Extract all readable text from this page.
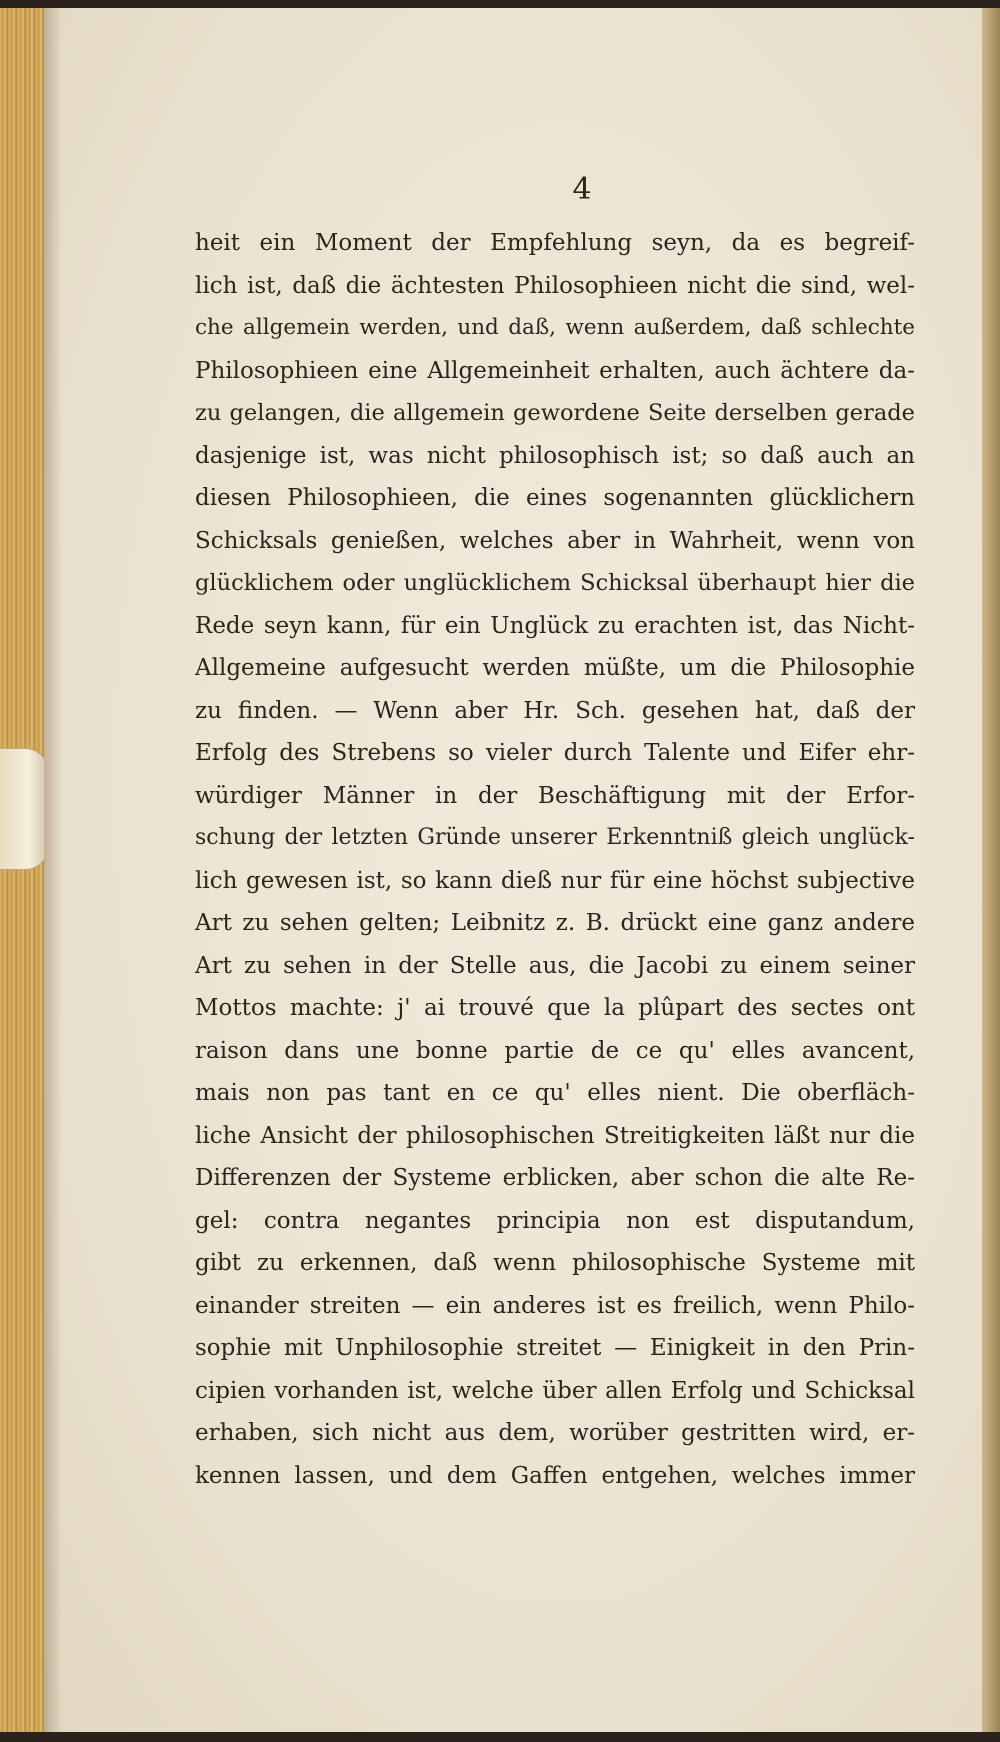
4
heit ein Moment der Empfehlung seyn, da es begreif-
lich ist, daß die ächtesten Philosophieen nicht die sind, wel-
che allgemein werden, und daß, wenn außerdem, daß schlechte
Philosophieen eine Allgemeinheit erhalten, auch ächtere da-
zu gelangen, die allgemein gewordene Seite derselben gerade
dasjenige ist, was nicht philosophisch ist; so daß auch an
diesen Philosophieen, die eines sogenannten glücklichern
Schicksals genießen, welches aber in Wahrheit, wenn von
glücklichem oder unglücklichem Schicksal überhaupt hier die
Rede seyn kann, für ein Unglück zu erachten ist, das Nicht-
Allgemeine aufgesucht werden müßte, um die Philosophie
zu finden. — Wenn aber Hr. Sch. gesehen hat, daß der
Erfolg des Strebens so vieler durch Talente und Eifer ehr-
würdiger Männer in der Beschäftigung mit der Erfor-
schung der letzten Gründe unserer Erkenntniß gleich unglück-
lich gewesen ist, so kann dieß nur für eine höchst subjective
Art zu sehen gelten; Leibnitz z. B. drückt eine ganz andere
Art zu sehen in der Stelle aus, die Jacobi zu einem seiner
Mottos machte: j' ai trouvé que la plûpart des sectes ont
raison dans une bonne partie de ce qu' elles avancent,
mais non pas tant en ce qu' elles nient. Die oberfläch-
liche Ansicht der philosophischen Streitigkeiten läßt nur die
Differenzen der Systeme erblicken, aber schon die alte Re-
gel: contra negantes principia non est disputandum,
gibt zu erkennen, daß wenn philosophische Systeme mit
einander streiten — ein anderes ist es freilich, wenn Philo-
sophie mit Unphilosophie streitet — Einigkeit in den Prin-
cipien vorhanden ist, welche über allen Erfolg und Schicksal
erhaben, sich nicht aus dem, worüber gestritten wird, er-
kennen lassen, und dem Gaffen entgehen, welches immer
